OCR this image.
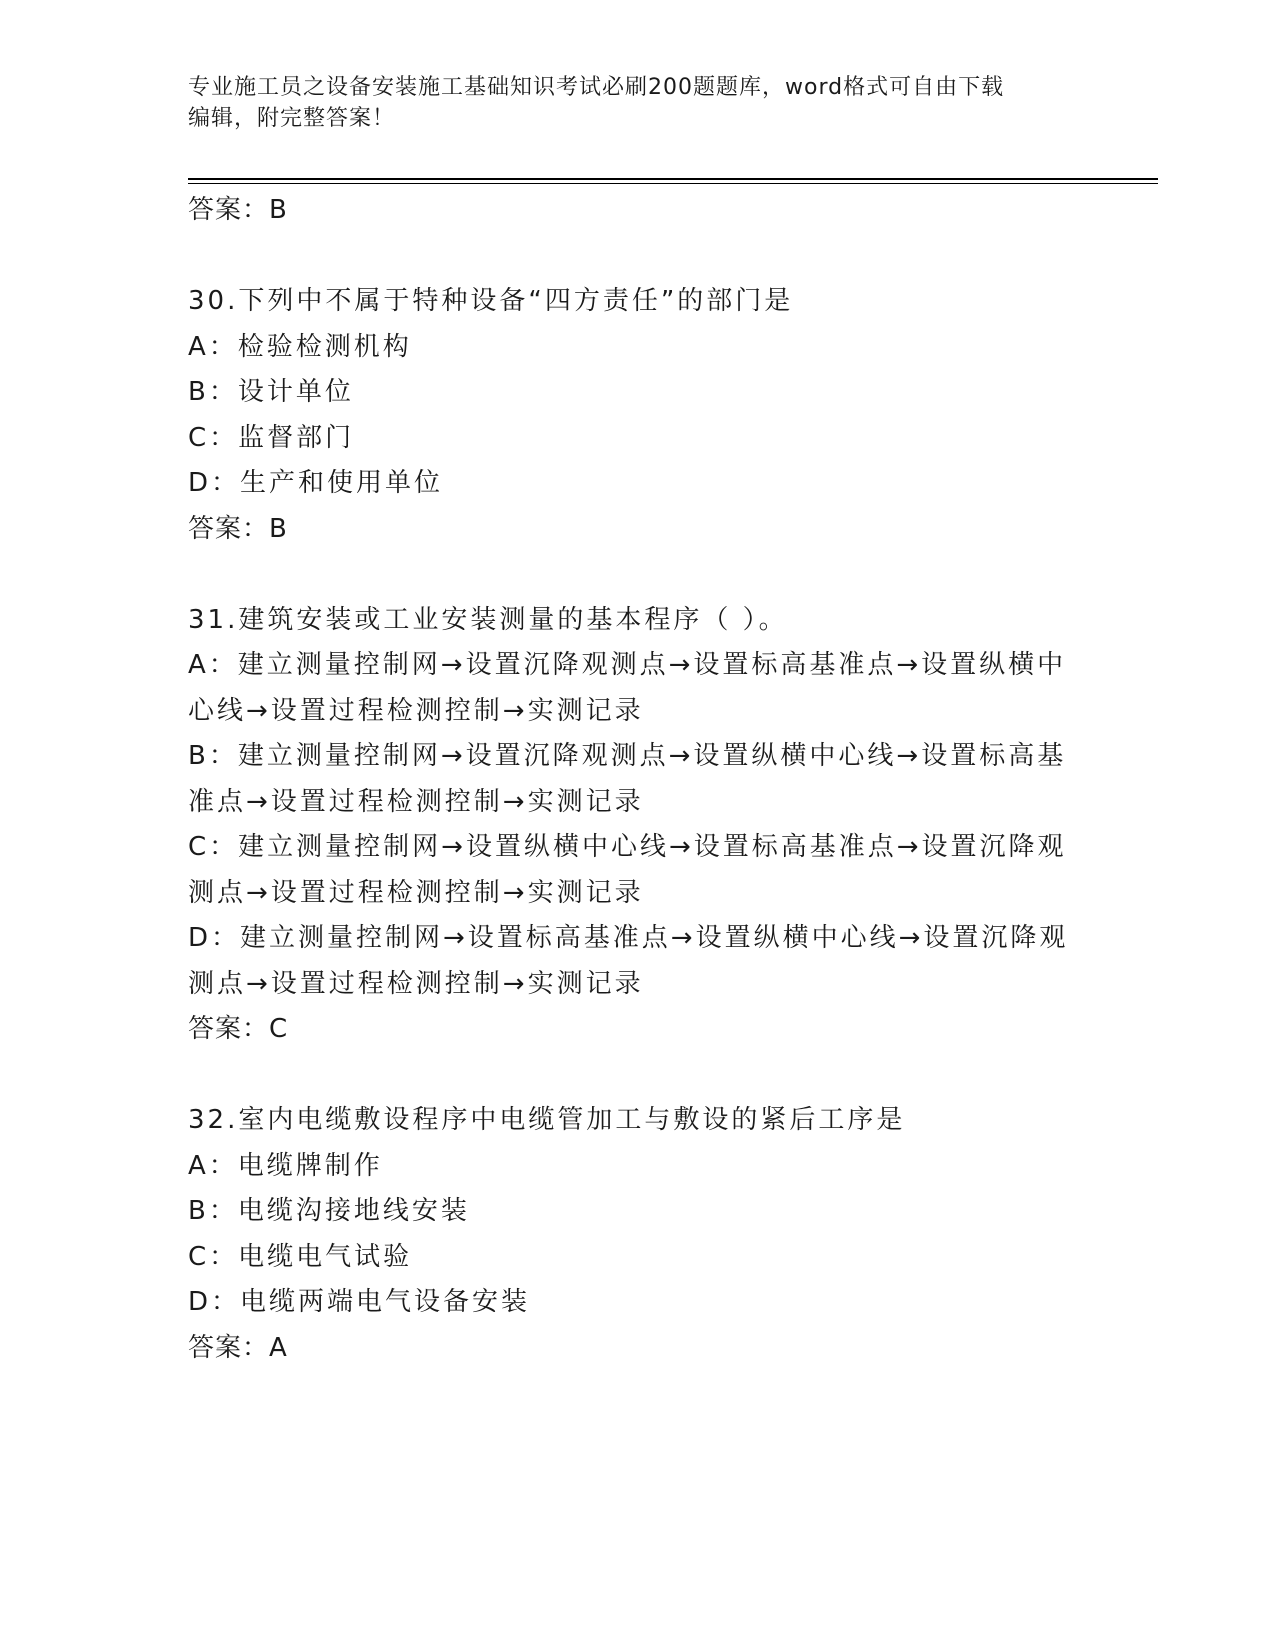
专业施工员之设备安装施工基础知识考试必刷200题题库，word格式可自由下载
编辑，附完整答案！

答案：B

30.下列中不属于特种设备“四方责任”的部门是

A：检验检测机构

B：设计单位

C：监督部门

D：生产和使用单位

答案：B

31.建筑安装或工业安装测量的基本程序（ ）。

A：建立测量控制网→设置沉降观测点→设置标高基准点→设置纵横中

心线→设置过程检测控制→实测记录

B：建立测量控制网→设置沉降观测点→设置纵横中心线→设置标高基

准点→设置过程检测控制→实测记录

C：建立测量控制网→设置纵横中心线→设置标高基准点→设置沉降观

测点→设置过程检测控制→实测记录

D：建立测量控制网→设置标高基准点→设置纵横中心线→设置沉降观

测点→设置过程检测控制→实测记录

答案：C

32.室内电缆敷设程序中电缆管加工与敷设的紧后工序是

A：电缆牌制作

B：电缆沟接地线安装

C：电缆电气试验

D：电缆两端电气设备安装

答案：A
